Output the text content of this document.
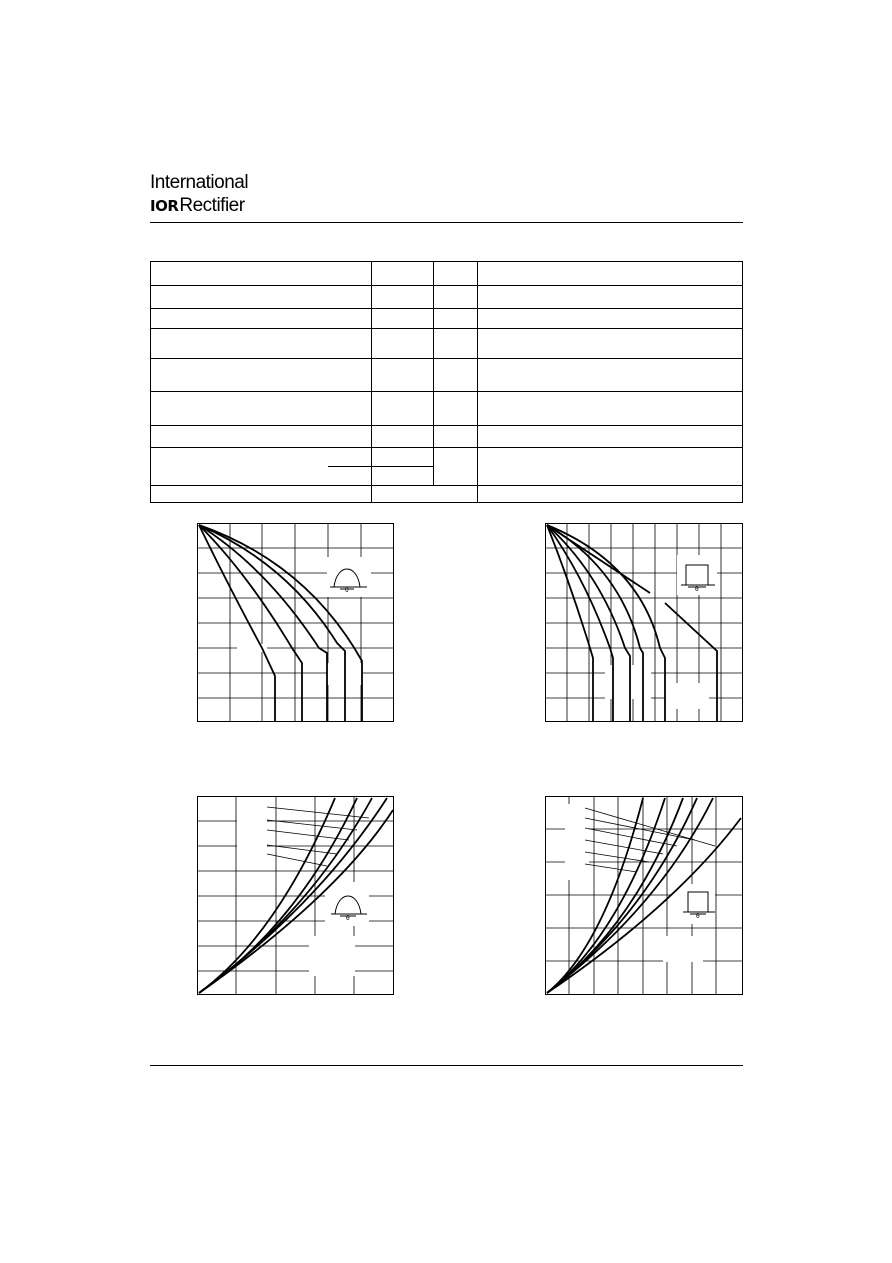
International
IORRectifier
θ	θ
θ	θ
